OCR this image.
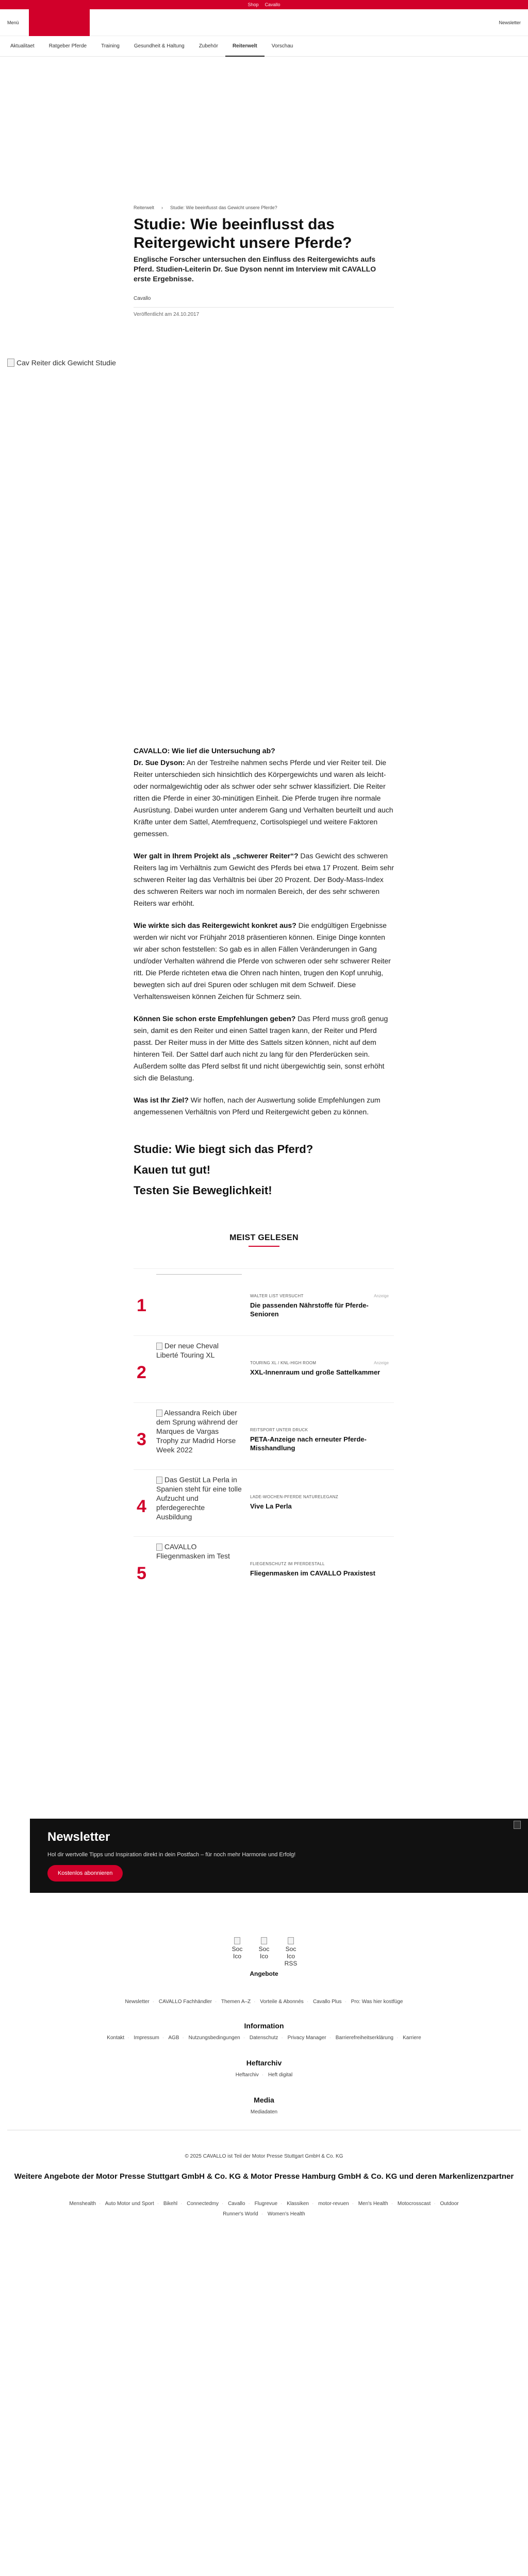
Shop Cavallo
Menü	Newsletter
Aktualitaet	Ratgeber Pferde	Training	Gesundheit & Haltung	Zubehör	Reiterwelt	Vorschau
Reiterwelt › Studie: Wie beeinflusst das Gewicht unsere Pferde?
Studie: Wie beeinflusst das Reitergewicht unsere Pferde?

Englische Forscher untersuchen den Einfluss des Reitergewichts aufs Pferd. Studien-Leiterin Dr. Sue Dyson nennt im Interview mit CAVALLO erste Ergebnisse.

Cavallo
Veröffentlicht am 24.10.2017
Cav Reiter dick Gewicht Studie

CAVALLO: Wie lief die Untersuchung ab?
Dr. Sue Dyson: An der Testreihe nahmen sechs Pferde und vier Reiter teil. Die Reiter unterschieden sich hinsichtlich des Körpergewichts und waren als leicht-oder normalgewichtig oder als schwer oder sehr schwer klassifiziert. Die Reiter ritten die Pferde in einer 30-minütigen Einheit. Die Pferde trugen ihre normale Ausrüstung. Dabei wurden unter anderem Gang und Verhalten beurteilt und auch Kräfte unter dem Sattel, Atemfrequenz, Cortisolspiegel und weitere Faktoren gemessen.

Wer galt in Ihrem Projekt als „schwerer Reiter“? Das Gewicht des schweren Reiters lag im Verhältnis zum Gewicht des Pferds bei etwa 17 Prozent. Beim sehr schweren Reiter lag das Verhältnis bei über 20 Prozent. Der Body-Mass-Index des schweren Reiters war noch im normalen Bereich, der des sehr schweren Reiters war erhöht.

Wie wirkte sich das Reitergewicht konkret aus? Die endgültigen Ergebnisse werden wir nicht vor Frühjahr 2018 präsentieren können. Einige Dinge konnten wir aber schon feststellen: So gab es in allen Fällen Veränderungen in Gang und/oder Verhalten während die Pferde von schweren oder sehr schwerer Reiter ritt. Die Pferde richteten etwa die Ohren nach hinten, trugen den Kopf unruhig, bewegten sich auf drei Spuren oder schlugen mit dem Schweif. Diese Verhaltensweisen können Zeichen für Schmerz sein.

Können Sie schon erste Empfehlungen geben? Das Pferd muss groß genug sein, damit es den Reiter und einen Sattel tragen kann, der Reiter und Pferd passt. Der Reiter muss in der Mitte des Sattels sitzen können, nicht auf dem hinteren Teil. Der Sattel darf auch nicht zu lang für den Pferderücken sein. Außerdem sollte das Pferd selbst fit und nicht übergewichtig sein, sonst erhöht sich die Belastung.

Was ist Ihr Ziel? Wir hoffen, nach der Auswertung solide Empfehlungen zum angemessenen Verhältnis von Pferd und Reitergewicht geben zu können.

Studie: Wie biegt sich das Pferd?
Kauen tut gut!
Testen Sie Beweglichkeit!
MEIST GELESEN
1	WALTER LIST VERSUCHT	Anzeige
Die passenden Nährstoffe für Pferde-Senioren
2
Der neue Cheval Liberté Touring XL
TOURING XL / KNL-HIGH ROOM	Anzeige
XXL-Innenraum und große Sattelkammer
3
Alessandra Reich über dem Sprung während der Marques de Vargas Trophy zur Madrid Horse Week 2022
REITSPORT UNTER DRUCK
PETA-Anzeige nach erneuter Pferde-Misshandlung
4
Das Gestüt La Perla in Spanien steht für eine tolle Aufzucht und pferdegerechte Ausbildung
LADE-WOCHEN-PFERDE NATURELEGANZ
Vive La Perla
5
CAVALLO Fliegenmasken im Test
FLIEGENSCHUTZ IM PFERDESTALL
Fliegenmasken im CAVALLO Praxistest
Newsletter
Hol dir wertvolle Tipps und Inspiration direkt in dein Postfach – für noch mehr Harmonie und Erfolg!
Kostenlos abonnieren
Soc Ico
Soc Ico
Soc Ico RSS
Angebote
Newsletter · CAVALLO Fachhändler · Themen A–Z · Vorteile & Abonnés · Cavallo Plus · Pro: Was hier kostfüge
Information
Kontakt · Impressum · AGB · Nutzungsbedingungen · Datenschutz · Privacy Manager · Barrierefreiheitserklärung · Karriere
Heftarchiv
Heftarchiv · Heft digital
Media
Mediadaten
© 2025 CAVALLO ist Teil der Motor Presse Stuttgart GmbH & Co. KG
Weitere Angebote der Motor Presse Stuttgart GmbH & Co. KG & Motor Presse Hamburg GmbH & Co. KG und deren Markenlizenzpartner
Menshealth · Auto Motor und Sport · Bikehl · Connectedmy · Cavallo · Flugrevue · Klassiken · motor-revuen · Men's Health · Motocrosscast · Outdoor
Runner's World · Women's Health
